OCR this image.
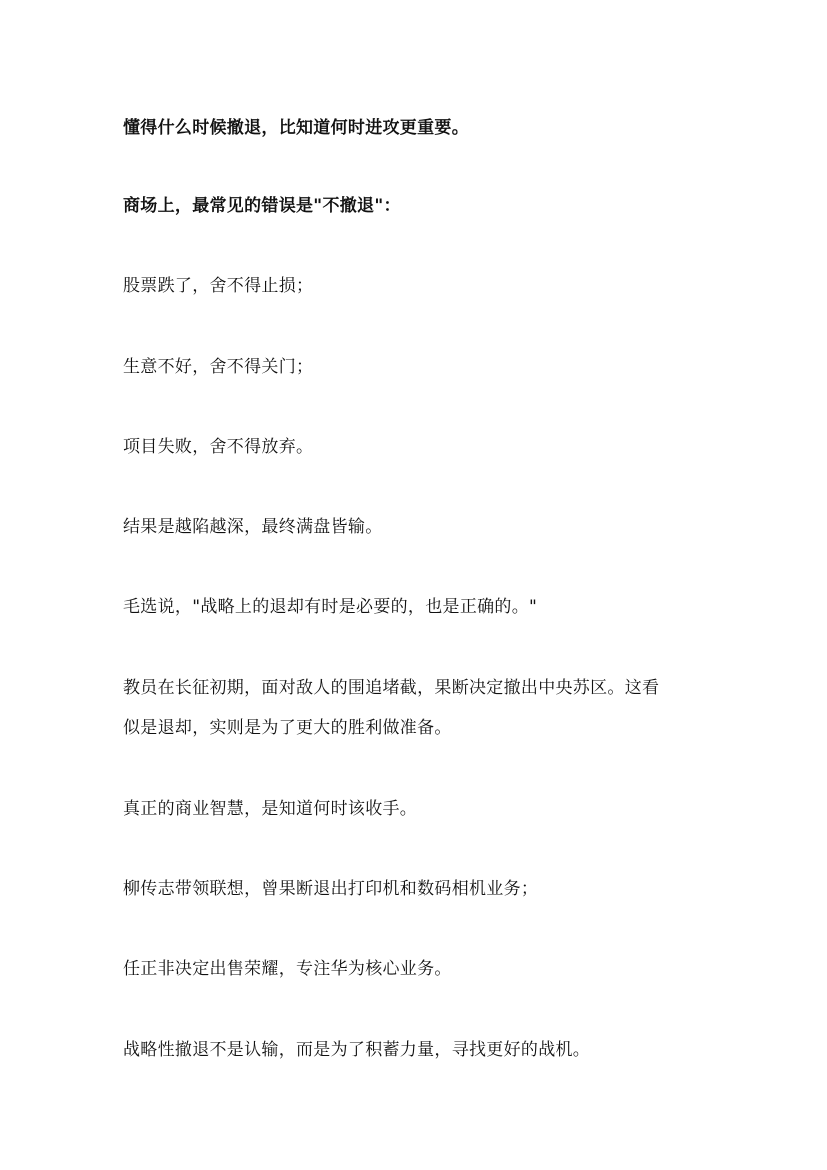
懂得什么时候撤退，比知道何时进攻更重要。

商场上，最常见的错误是"不撤退"：

股票跌了，舍不得止损；

生意不好，舍不得关门；

项目失败，舍不得放弃。

结果是越陷越深，最终满盘皆输。

毛选说，"战略上的退却有时是必要的，也是正确的。"

教员在长征初期，面对敌人的围追堵截，果断决定撤出中央苏区。这看

似是退却，实则是为了更大的胜利做准备。

真正的商业智慧，是知道何时该收手。

柳传志带领联想，曾果断退出打印机和数码相机业务；

任正非决定出售荣耀，专注华为核心业务。

战略性撤退不是认输，而是为了积蓄力量，寻找更好的战机。
